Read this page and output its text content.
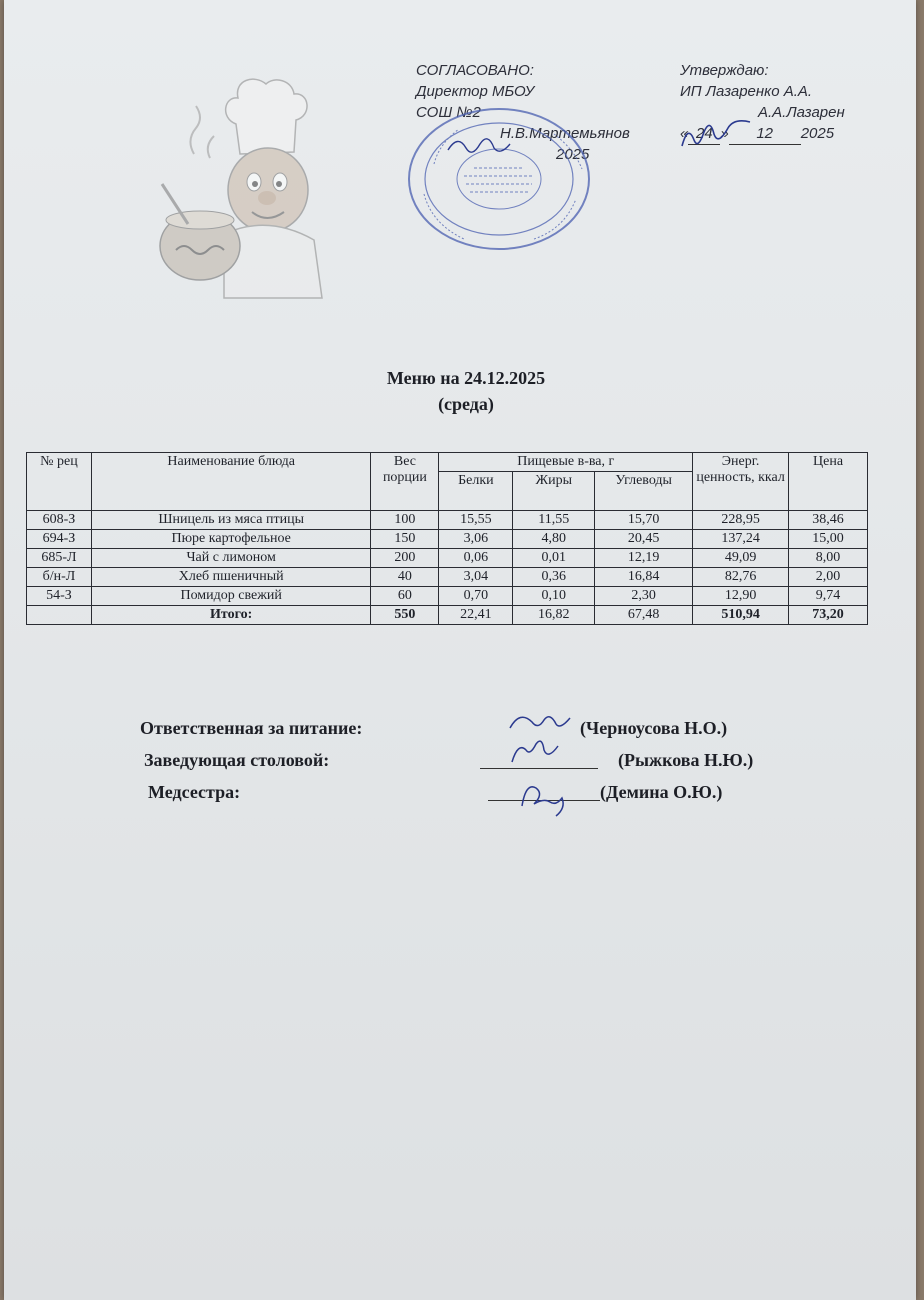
СОГЛАСОВАНО:
Директор МБОУ
СОШ №2
Н.В.Мартемьянов
2025
Утверждаю:
ИП Лазаренко А.А.
А.А.Лазарен
« 24 » 12 2025
Меню на 24.12.2025
(среда)
№ рец	Наименование блюда	Вес порции	Пищевые в-ва, г			Энерг. ценность, ккал	Цена
			Белки	Жиры	Углеводы		
608-З	Шницель из мяса птицы	100	15,55	11,55	15,70	228,95	38,46
694-З	Пюре картофельное	150	3,06	4,80	20,45	137,24	15,00
685-Л	Чай с лимоном	200	0,06	0,01	12,19	49,09	8,00
б/н-Л	Хлеб пшеничный	40	3,04	0,36	16,84	82,76	2,00
54-З	Помидор свежий	60	0,70	0,10	2,30	12,90	9,74
	Итого:	550	22,41	16,82	67,48	510,94	73,20
Ответственная за питание:	(Черноусова Н.О.)
Заведующая столовой:	(Рыжкова Н.Ю.)
Медсестра:	(Демина О.Ю.)
